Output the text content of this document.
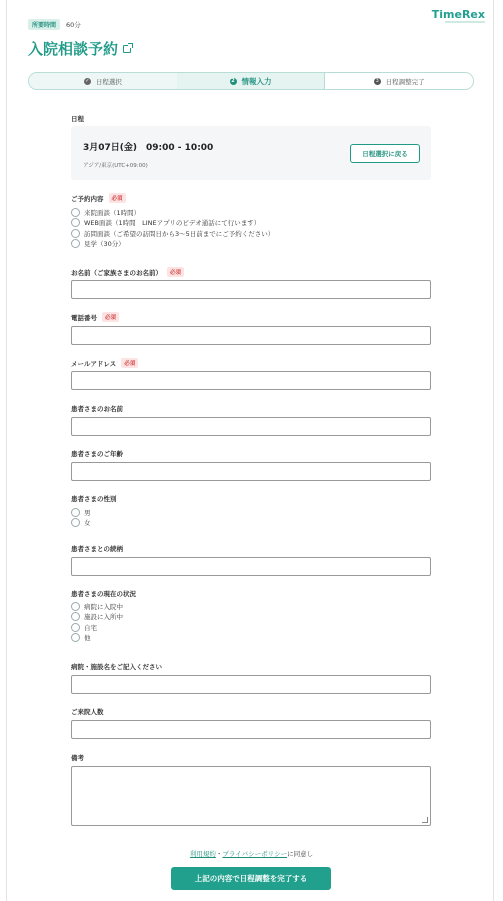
所要時間	60分
TimeRex
入院相談予約
✓ 日程選択	2 情報入力	3 日程調整完了
日程
3月07日(金)　09:00 - 10:00
アジア/東京(UTC+09:00)
日程選択に戻る
ご予約内容	必須
来院面談（1時間）
WEB面談（1時間　LINEアプリのビデオ通話にて行います）
訪問面談（ご希望の訪問日から3～5日前までにご予約ください）
見学（30分）
お名前（ご家族さまのお名前）	必須
電話番号	必須
メールアドレス	必須
患者さまのお名前
患者さまのご年齢
患者さまの性別
男
女
患者さまとの続柄
患者さまの現在の状況
病院に入院中
施設に入所中
自宅
他
病院・施設名をご記入ください
ご来院人数
備考
利用規約・プライバシーポリシーに同意し
上記の内容で日程調整を完了する
